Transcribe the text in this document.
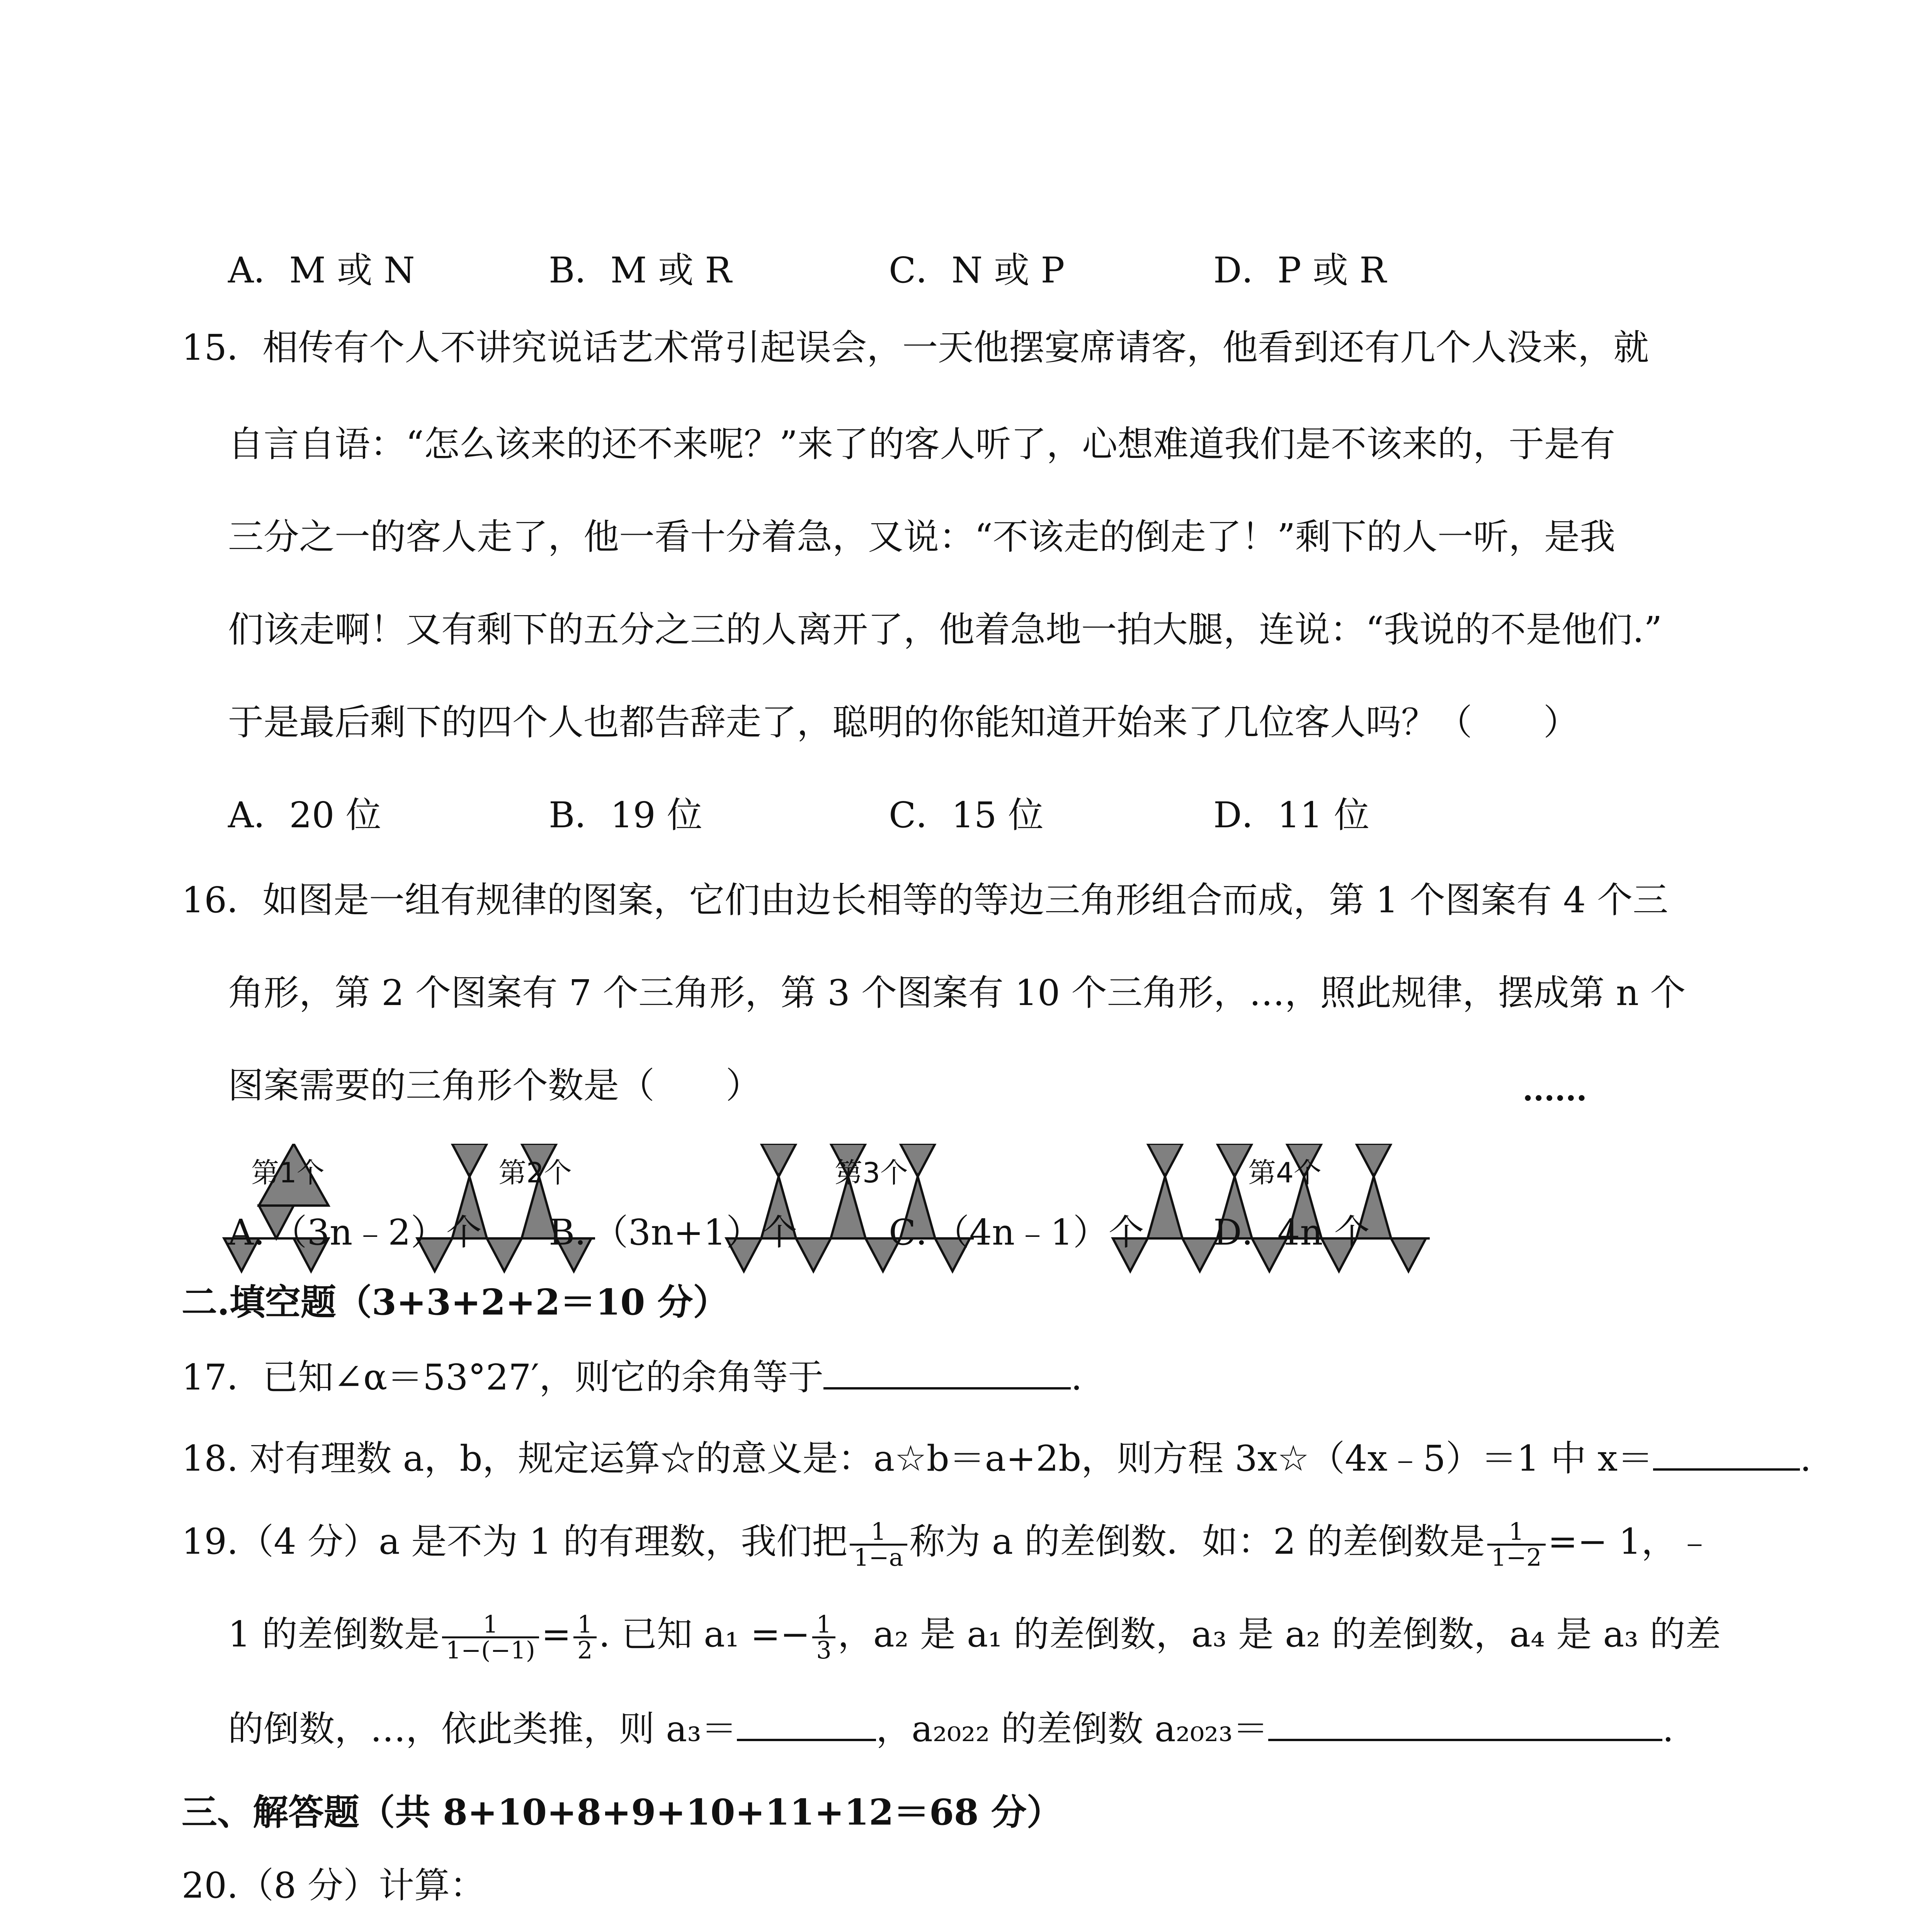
A．M 或 N	B．M 或 R	C．N 或 P	D．P 或 R
15．相传有个人不讲究说话艺术常引起误会，一天他摆宴席请客，他看到还有几个人没来，就
自言自语：“怎么该来的还不来呢？”来了的客人听了，心想难道我们是不该来的，于是有
三分之一的客人走了，他一看十分着急，又说：“不该走的倒走了！”剩下的人一听，是我
们该走啊！又有剩下的五分之三的人离开了，他着急地一拍大腿，连说：“我说的不是他们.”
于是最后剩下的四个人也都告辞走了，聪明的你能知道开始来了几位客人吗？（　　）
A．20 位	B．19 位	C．15 位	D．11 位
16．如图是一组有规律的图案，它们由边长相等的等边三角形组合而成，第 1 个图案有 4 个三
角形，第 2 个图案有 7 个三角形，第 3 个图案有 10 个三角形，…，照此规律，摆成第 n 个
图案需要的三角形个数是（　　）	......
第1个	第2个	第3个	第4个
A．（3n﹣2）个 B．（3n+1）个	C．（4n﹣1）个 D．4n 个
二.填空题（3+3+2+2＝10 分）
17．已知∠α＝53°27′，则它的余角等于	.
18. 对有理数 a，b，规定运算☆的意义是：a☆b＝a+2b，则方程 3x☆（4x﹣5）＝1 中 x＝	.
19.（4 分）a 是不为 1 的有理数，我们把 $\frac{1}{1-a}$ 称为 a 的差倒数．如：2 的差倒数是 $\frac{1}{1-2} =- 1$，﹣
1 的差倒数是 $\frac{1}{1-(-1)} = \frac{1}{2}$ . 已知 $a_1 =- \frac{1}{3}$ ，a₂ 是 a₁ 的差倒数，a₃ 是 a₂ 的差倒数，a₄ 是 a₃ 的差
的倒数，…，依此类推，则 a₃＝	，a₂₀₂₂ 的差倒数 a₂₀₂₃＝	.
三、解答题（共 8+10+8+9+10+11+12＝68 分）
20.（8 分）计算：
